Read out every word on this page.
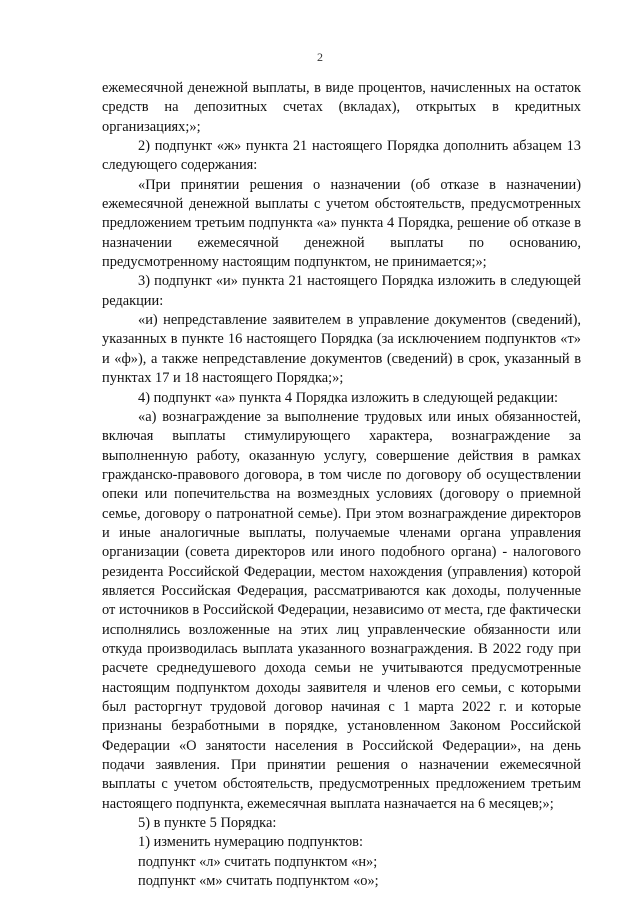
2

ежемесячной денежной выплаты, в виде процентов, начисленных на остаток средств на депозитных счетах (вкладах), открытых в кредитных организациях;»;

2) подпункт «ж» пункта 21 настоящего Порядка дополнить абзацем 13 следующего содержания:

«При принятии решения о назначении (об отказе в назначении) ежемесячной денежной выплаты с учетом обстоятельств, предусмотренных предложением третьим подпункта «а» пункта 4 Порядка, решение об отказе в назначении ежемесячной денежной выплаты по основанию, предусмотренному настоящим подпунктом, не принимается;»;

3) подпункт «и» пункта 21 настоящего Порядка изложить в следующей редакции:

«и) непредставление заявителем в управление документов (сведений), указанных в пункте 16 настоящего Порядка (за исключением подпунктов «т» и «ф»), а также непредставление документов (сведений) в срок, указанный в пунктах 17 и 18 настоящего Порядка;»;

4) подпункт «а» пункта 4 Порядка изложить в следующей редакции:

«а) вознаграждение за выполнение трудовых или иных обязанностей, включая выплаты стимулирующего характера, вознаграждение за выполненную работу, оказанную услугу, совершение действия в рамках гражданско-правового договора, в том числе по договору об осуществлении опеки или попечительства на возмездных условиях (договору о приемной семье, договору о патронатной семье). При этом вознаграждение директоров и иные аналогичные выплаты, получаемые членами органа управления организации (совета директоров или иного подобного органа) - налогового резидента Российской Федерации, местом нахождения (управления) которой является Российская Федерация, рассматриваются как доходы, полученные от источников в Российской Федерации, независимо от места, где фактически исполнялись возложенные на этих лиц управленческие обязанности или откуда производилась выплата указанного вознаграждения. В 2022 году при расчете среднедушевого дохода семьи не учитываются предусмотренные настоящим подпунктом доходы заявителя и членов его семьи, с которыми был расторгнут трудовой договор начиная с 1 марта 2022 г. и которые признаны безработными в порядке, установленном Законом Российской Федерации «О занятости населения в Российской Федерации», на день подачи заявления. При принятии решения о назначении ежемесячной выплаты с учетом обстоятельств, предусмотренных предложением третьим настоящего подпункта, ежемесячная выплата назначается на 6 месяцев;»;

5) в пункте 5 Порядка:

1) изменить нумерацию подпунктов:

подпункт «л» считать подпунктом «н»;

подпункт «м» считать подпунктом «о»;
